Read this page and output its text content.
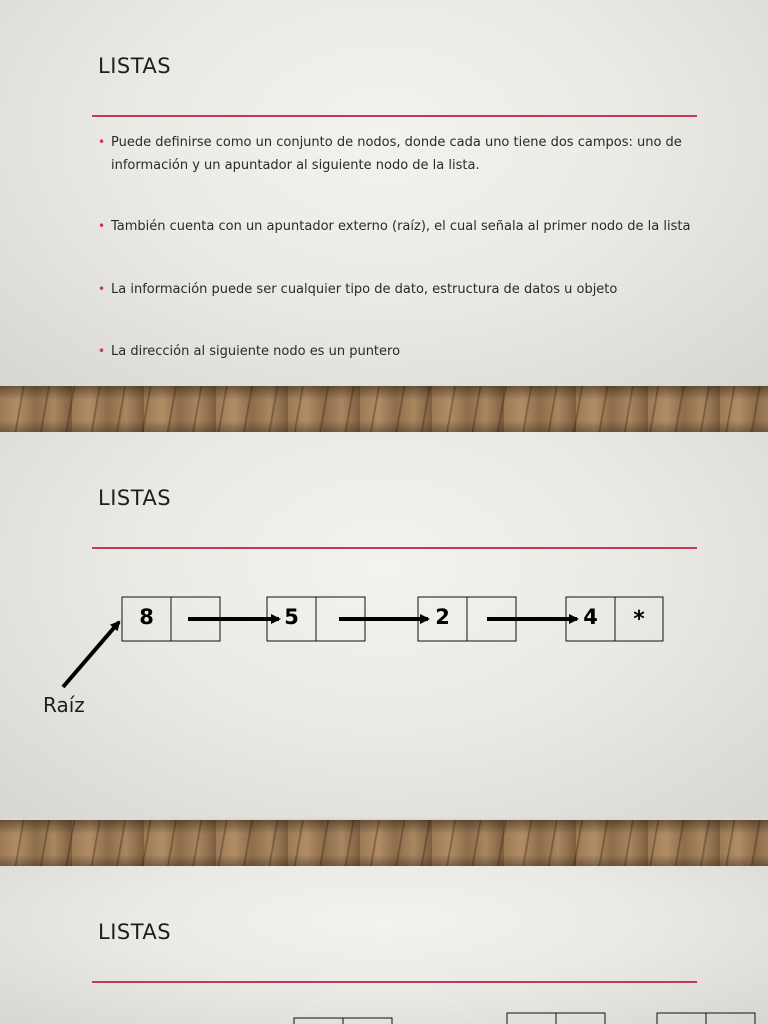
LISTAS
• Puede definirse como un conjunto de nodos, donde cada uno tiene dos campos: uno de información y un apuntador al siguiente nodo de la lista.
• También cuenta con un apuntador externo (raíz), el cual señala al primer nodo de la lista
• La información puede ser cualquier tipo de dato, estructura de datos u objeto
• La dirección al siguiente nodo es un puntero
LISTAS
8	5	2	4 *
Raíz
LISTAS
